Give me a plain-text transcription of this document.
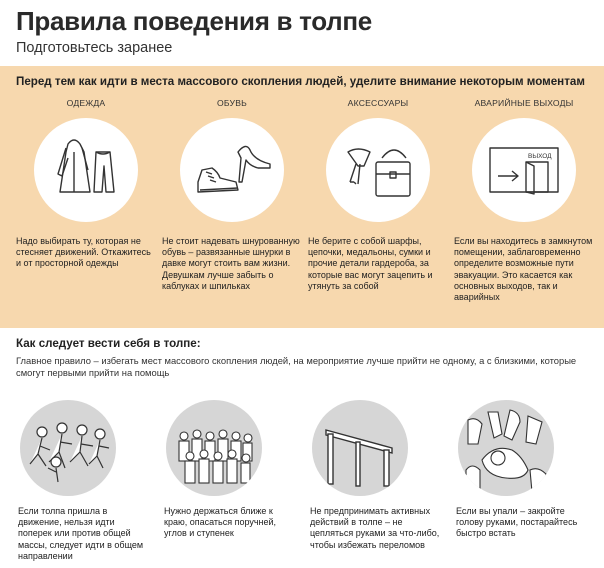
Правила поведения в толпе
Подготовьтесь заранее
Перед тем как идти в места массового скопления людей, уделите внимание некоторым моментам
ОДЕЖДА
Надо выбирать ту, которая не стесняет движений. Откажитесь и от просторной одежды
ОБУВЬ
Не стоит надевать шнурованную обувь – развязанные шнурки в давке могут стоить вам жизни. Девушкам лучше забыть о каблуках и шпильках
АКСЕССУАРЫ
Не берите с собой шарфы, цепочки, медальоны, сумки и прочие детали гардероба, за которые вас могут зацепить и утянуть за собой
АВАРИЙНЫЕ ВЫХОДЫ
ВЫХОД
Если вы находитесь в замкнутом помещении, заблаговременно определите возможные пути эвакуации. Это касается как основных выходов, так и аварийных
Как следует вести себя в толпе:
Главное правило – избегать мест массового скопления людей, на мероприятие лучше прийти не одному, а с близкими, которые смогут первыми прийти на помощь
Если толпа пришла в движение, нельзя идти поперек или против общей массы, следует идти в общем направлении
Нужно держаться ближе к краю, опасаться поручней, углов и ступенек
Не предпринимать активных действий в толпе – не цепляться руками за что-либо, чтобы избежать переломов
Если вы упали – закройте голову руками, постарайтесь быстро встать
